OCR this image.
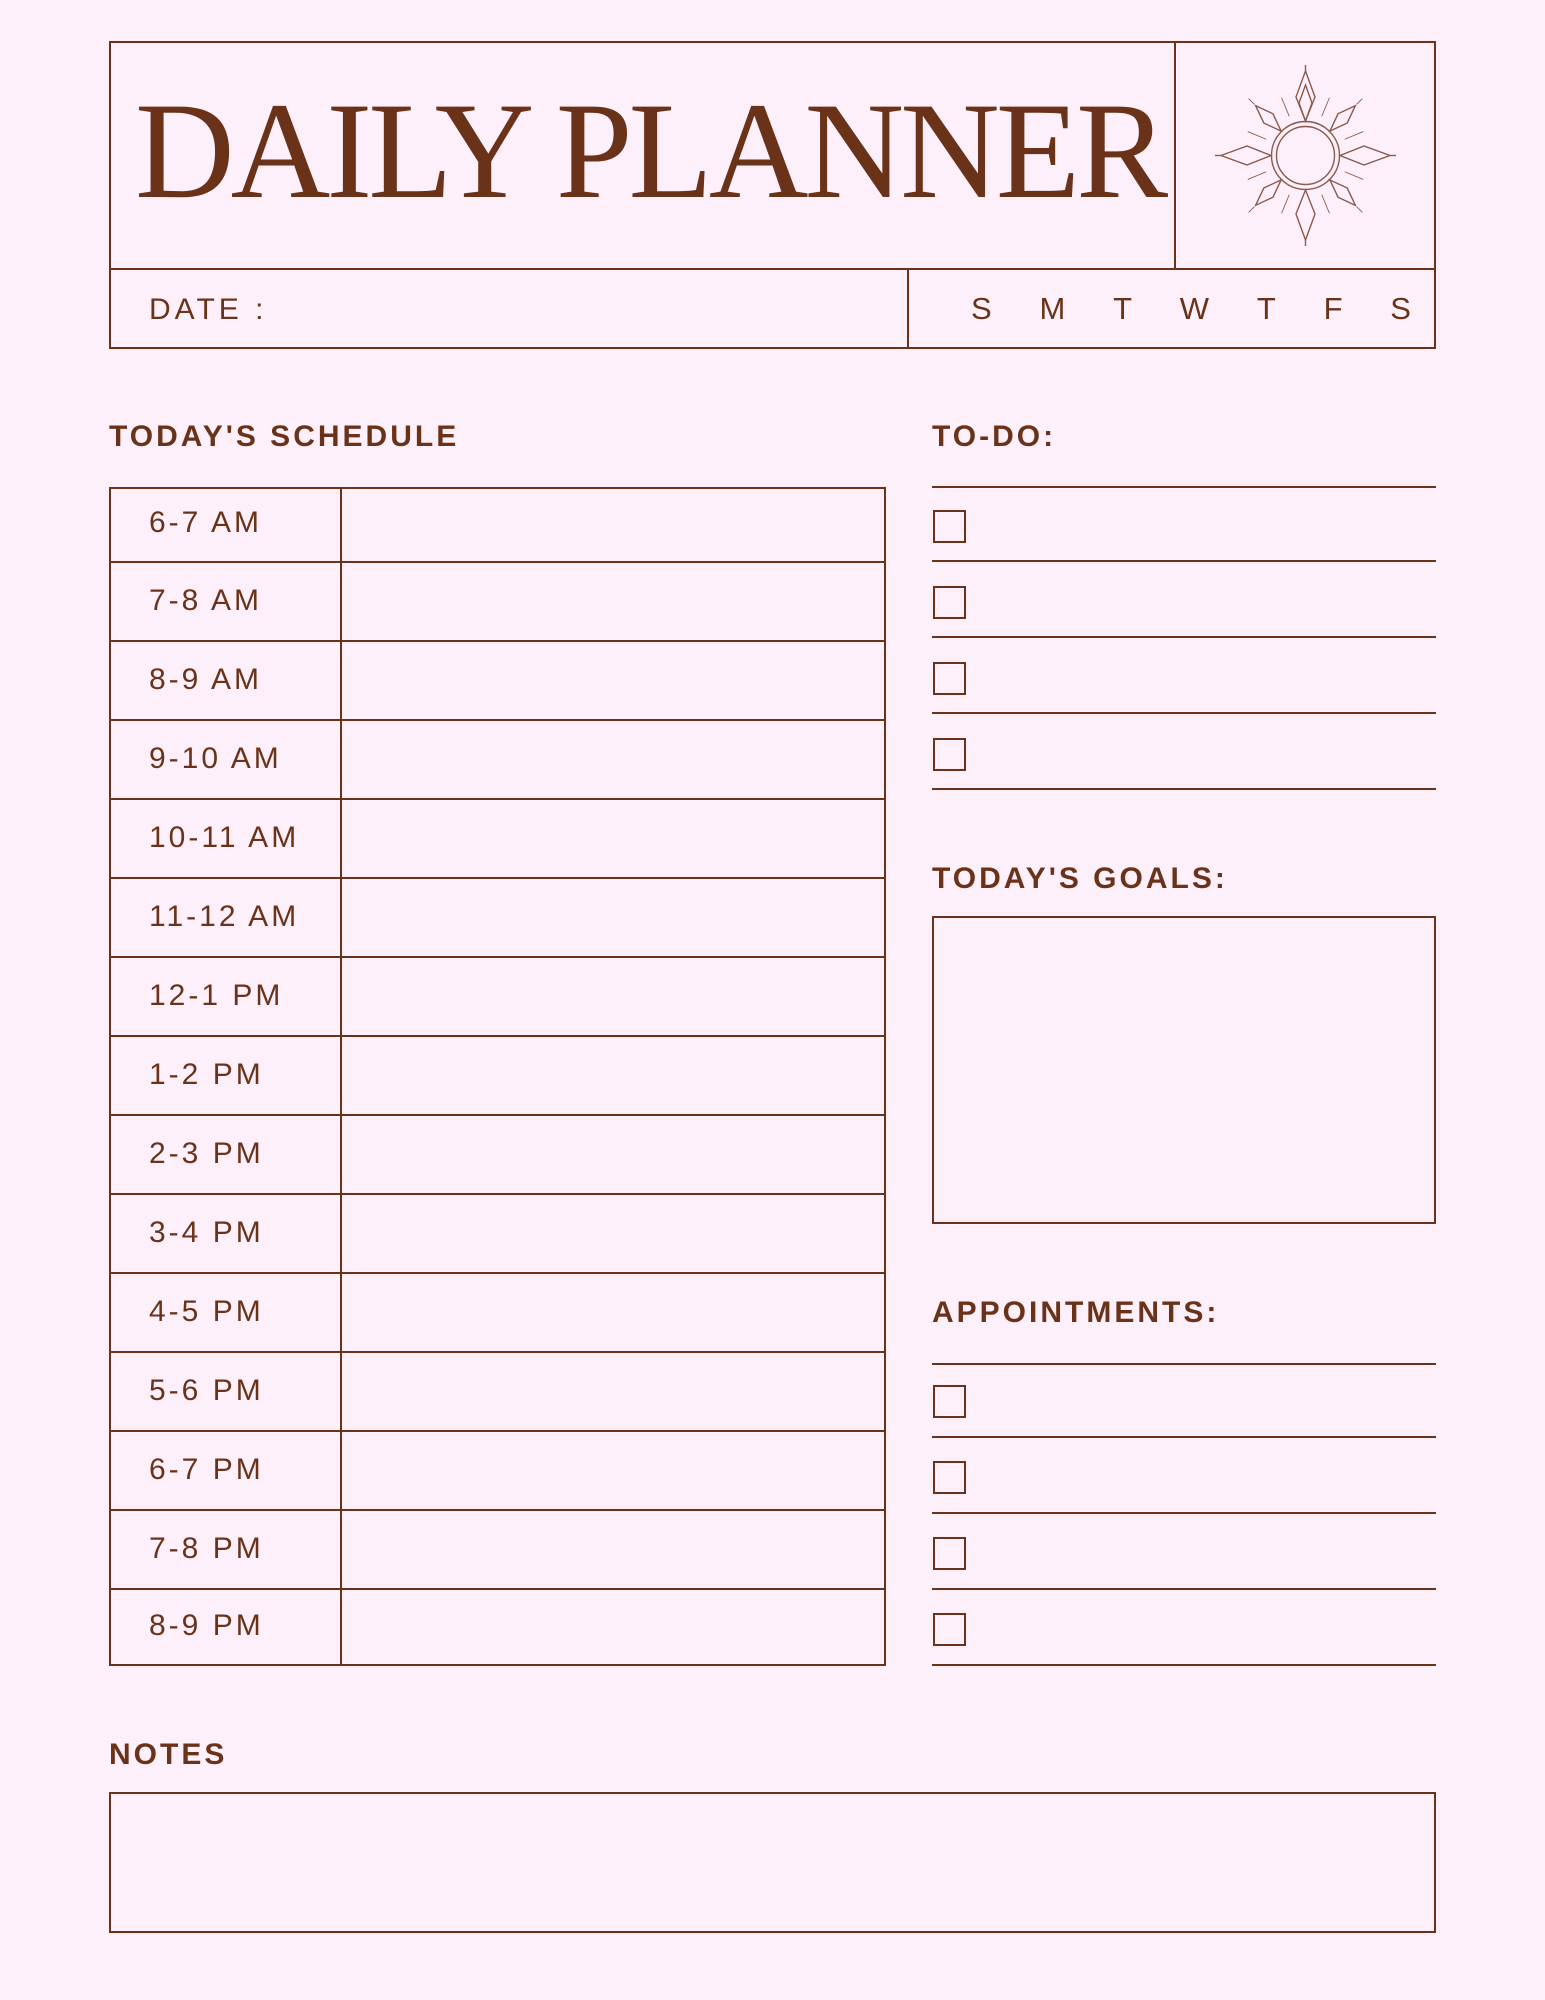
DAILY PLANNER
DATE :	S M T W T F S
TODAY'S SCHEDULE
6-7 AM
7-8 AM
8-9 AM
9-10 AM
10-11 AM
11-12 AM
12-1 PM
1-2 PM
2-3 PM
3-4 PM
4-5 PM
5-6 PM
6-7 PM
7-8 PM
8-9 PM
TO-DO:
TODAY'S GOALS:
APPOINTMENTS:
NOTES
